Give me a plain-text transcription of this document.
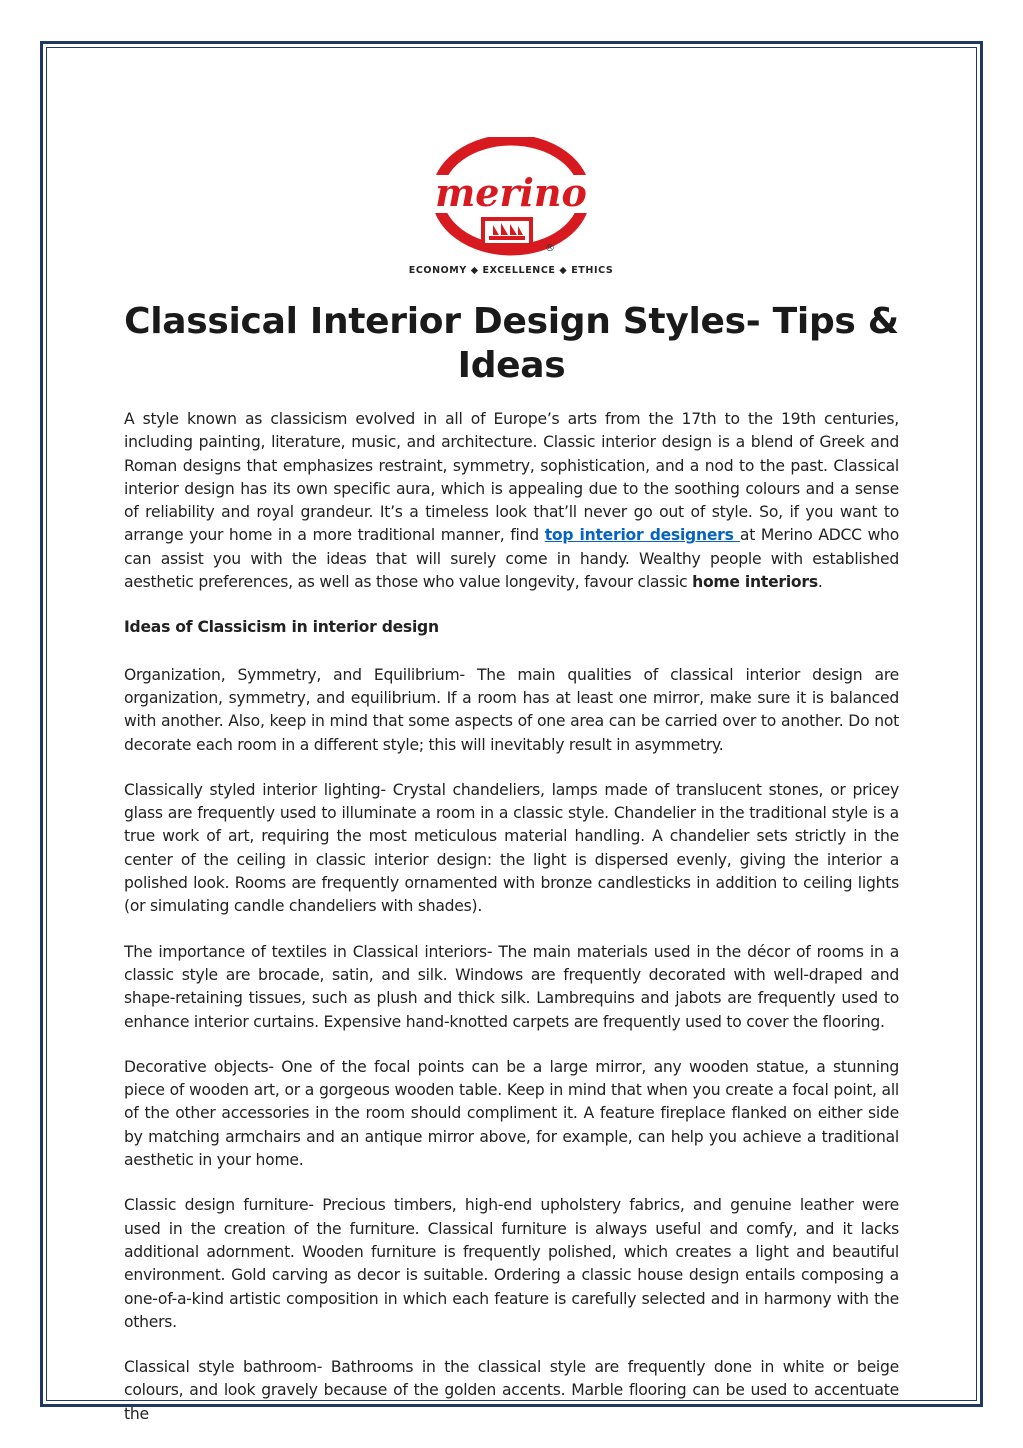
merino
®
ECONOMY ◆ EXCELLENCE ◆ ETHICS
Classical Interior Design Styles- Tips & Ideas

A style known as classicism evolved in all of Europe’s arts from the 17th to the 19th centuries, including painting, literature, music, and architecture. Classic interior design is a blend of Greek and Roman designs that emphasizes restraint, symmetry, sophistication, and a nod to the past. Classical interior design has its own specific aura, which is appealing due to the soothing colours and a sense of reliability and royal grandeur. It’s a timeless look that’ll never go out of style. So, if you want to arrange your home in a more traditional manner, find top interior designers at Merino ADCC who can assist you with the ideas that will surely come in handy. Wealthy people with established aesthetic preferences, as well as those who value longevity, favour classic home interiors.

Ideas of Classicism in interior design

Organization, Symmetry, and Equilibrium- The main qualities of classical interior design are organization, symmetry, and equilibrium. If a room has at least one mirror, make sure it is balanced with another. Also, keep in mind that some aspects of one area can be carried over to another. Do not decorate each room in a different style; this will inevitably result in asymmetry.

Classically styled interior lighting- Crystal chandeliers, lamps made of translucent stones, or pricey glass are frequently used to illuminate a room in a classic style. Chandelier in the traditional style is a true work of art, requiring the most meticulous material handling. A chandelier sets strictly in the center of the ceiling in classic interior design: the light is dispersed evenly, giving the interior a polished look. Rooms are frequently ornamented with bronze candlesticks in addition to ceiling lights (or simulating candle chandeliers with shades).

The importance of textiles in Classical interiors- The main materials used in the décor of rooms in a classic style are brocade, satin, and silk. Windows are frequently decorated with well-draped and shape-retaining tissues, such as plush and thick silk. Lambrequins and jabots are frequently used to enhance interior curtains. Expensive hand-knotted carpets are frequently used to cover the flooring.

Decorative objects- One of the focal points can be a large mirror, any wooden statue, a stunning piece of wooden art, or a gorgeous wooden table. Keep in mind that when you create a focal point, all of the other accessories in the room should compliment it. A feature fireplace flanked on either side by matching armchairs and an antique mirror above, for example, can help you achieve a traditional aesthetic in your home.

Classic design furniture- Precious timbers, high-end upholstery fabrics, and genuine leather were used in the creation of the furniture. Classical furniture is always useful and comfy, and it lacks additional adornment. Wooden furniture is frequently polished, which creates a light and beautiful environment. Gold carving as decor is suitable. Ordering a classic house design entails composing a one-of-a-kind artistic composition in which each feature is carefully selected and in harmony with the others.

Classical style bathroom- Bathrooms in the classical style are frequently done in white or beige colours, and look gravely because of the golden accents. Marble flooring can be used to accentuate the
